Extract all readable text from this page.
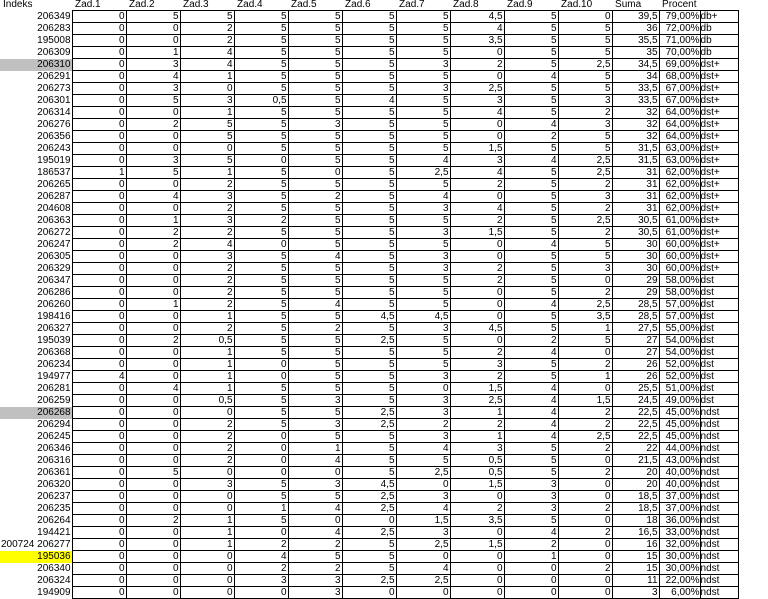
Indeks	Zad.1	Zad.2	Zad.3	Zad.4	Zad.5	Zad.6	Zad.7	Zad.8	Zad.9	Zad.10	Suma	Procent	
206349	0	5	5	5	5	5	5	4,5	5	0	39,5	79,00%	db+
206283	0	0	2	5	5	5	5	4	5	5	36	72,00%	db
195008	0	0	2	5	5	5	5	3,5	5	5	35,5	71,00%	db
206309	0	1	4	5	5	5	5	0	5	5	35	70,00%	db
206310	0	3	4	5	5	5	3	2	5	2,5	34,5	69,00%	dst+
206291	0	4	1	5	5	5	5	0	4	5	34	68,00%	dst+
206273	0	3	0	5	5	5	3	2,5	5	5	33,5	67,00%	dst+
206301	0	5	3	0,5	5	4	5	3	5	3	33,5	67,00%	dst+
206314	0	0	1	5	5	5	5	4	5	2	32	64,00%	dst+
206276	0	2	5	5	3	5	5	0	4	3	32	64,00%	dst+
206356	0	0	5	5	5	5	5	0	2	5	32	64,00%	dst+
206243	0	0	0	5	5	5	5	1,5	5	5	31,5	63,00%	dst+
195019	0	3	5	0	5	5	4	3	4	2,5	31,5	63,00%	dst+
186537	1	5	1	5	0	5	2,5	4	5	2,5	31	62,00%	dst+
206265	0	0	2	5	5	5	5	2	5	2	31	62,00%	dst+
206287	0	4	3	5	2	5	4	0	5	3	31	62,00%	dst+
204608	0	0	2	5	5	5	3	4	5	2	31	62,00%	dst+
206363	0	1	3	2	5	5	5	2	5	2,5	30,5	61,00%	dst+
206272	0	2	2	5	5	5	3	1,5	5	2	30,5	61,00%	dst+
206247	0	2	4	0	5	5	5	0	4	5	30	60,00%	dst+
206305	0	0	3	5	4	5	3	0	5	5	30	60,00%	dst+
206329	0	0	2	5	5	5	3	2	5	3	30	60,00%	dst+
206347	0	0	2	5	5	5	5	2	5	0	29	58,00%	dst
206286	0	0	2	5	5	5	5	0	5	2	29	58,00%	dst
206260	0	1	2	5	4	5	5	0	4	2,5	28,5	57,00%	dst
198416	0	0	1	5	5	4,5	4,5	0	5	3,5	28,5	57,00%	dst
206327	0	0	2	5	2	5	3	4,5	5	1	27,5	55,00%	dst
195039	0	2	0,5	5	5	2,5	5	0	2	5	27	54,00%	dst
206368	0	0	1	5	5	5	5	2	4	0	27	54,00%	dst
206234	0	0	1	0	5	5	5	3	5	2	26	52,00%	dst
194977	4	0	1	0	5	5	3	2	5	1	26	52,00%	dst
206281	0	4	1	5	5	5	0	1,5	4	0	25,5	51,00%	dst
206259	0	0	0,5	5	3	5	3	2,5	4	1,5	24,5	49,00%	dst
206268	0	0	0	5	5	2,5	3	1	4	2	22,5	45,00%	ndst
206294	0	0	2	5	3	2,5	2	2	4	2	22,5	45,00%	ndst
206245	0	0	2	0	5	5	3	1	4	2,5	22,5	45,00%	ndst
206346	0	0	2	0	1	5	4	3	5	2	22	44,00%	ndst
206316	0	0	2	0	4	5	5	0,5	5	0	21,5	43,00%	ndst
206361	0	5	0	0	0	5	2,5	0,5	5	2	20	40,00%	ndst
206320	0	0	3	5	3	4,5	0	1,5	3	0	20	40,00%	ndst
206237	0	0	0	5	5	2,5	3	0	3	0	18,5	37,00%	ndst
206235	0	0	0	1	4	2,5	4	2	3	2	18,5	37,00%	ndst
206264	0	2	1	5	0	0	1,5	3,5	5	0	18	36,00%	ndst
194421	0	0	1	0	4	2,5	3	0	4	2	16,5	33,00%	ndst
200724 206277	0	0	1	2	2	5	2,5	1,5	2	0	16	32,00%	ndst
195036	0	0	0	4	5	5	0	0	1	0	15	30,00%	ndst
206340	0	0	0	2	2	5	4	0	0	2	15	30,00%	ndst
206324	0	0	0	3	3	2,5	2,5	0	0	0	11	22,00%	ndst
194909	0	0	0	0	3	0	0	0	0	0	3	6,00%	ndst
